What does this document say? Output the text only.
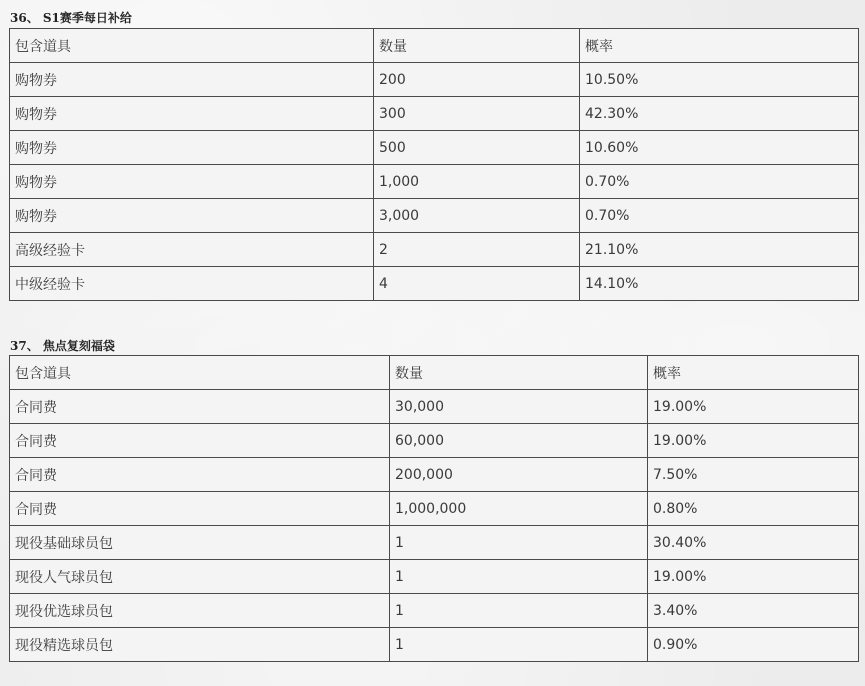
36、 S1赛季每日补给
包含道具	数量	概率
购物券	200	10.50%
购物券	300	42.30%
购物券	500	10.60%
购物券	1,000	0.70%
购物券	3,000	0.70%
高级经验卡	2	21.10%
中级经验卡	4	14.10%
37、 焦点复刻福袋
包含道具	数量	概率
合同费	30,000	19.00%
合同费	60,000	19.00%
合同费	200,000	7.50%
合同费	1,000,000	0.80%
现役基础球员包	1	30.40%
现役人气球员包	1	19.00%
现役优选球员包	1	3.40%
现役精选球员包	1	0.90%
